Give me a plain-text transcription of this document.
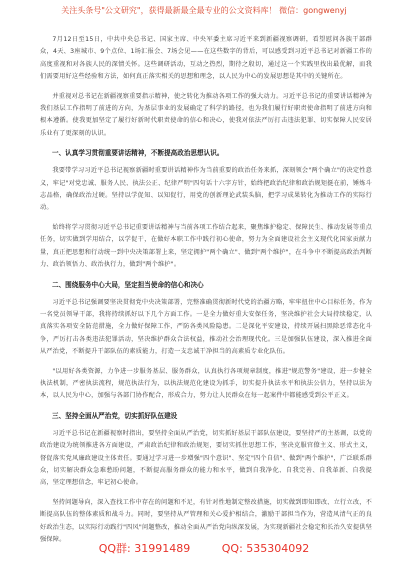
关注头条号"公文研究"，获得最新最全最专业的公文资料库！ 微信：gongwenyj

7月12日至15日，中共中央总书记、国家主席、中央军委主席习近平来到新疆视察调研，看望慰问各族干部群众，4天、3座城市、9个点位、1场汇报会、7场会见——在这些数字的背后，可以感受到习近平总书记对新疆工作的高度重视和对各族人民的深情关怀。这些调研活动，互动之热烈，期待之殷切，通过这一个实践里找出最优解，而我们需要用好这些经验和方法，如何真正落实相关的思想和理念，以人民为中心的发展思想是其中的关键所在。

并重视对总书记在新疆视察重要指示精神，使之转化为推动各项工作的强大动力。习近平总书记的重要讲话精神为我们基层工作指明了前进的方向，为基层事业的发展确定了科学的路径，也为我们履行好职责使命指明了前进方向和根本遵循。使我更加坚定了履行好新时代职责使命的信心和决心，使我对依法严厉打击违法犯罪、切实保障人民安居乐业有了更深刻的认识。

一、认真学习贯彻重要讲话精神，不断提高政治思想认识。

我要带学习习近平总书记视察新疆时重要讲话精神作为当前重要的政治任务来抓，深刻领会"两个确立"的决定性意义，牢记"对党忠诚、服务人民、执法公正、纪律严明"四句话十六字方针，始终把政治纪律和政治规矩挺在前，锤炼斗志品格，确保政治过硬。坚持以学促知、以知促行，用党的创新理论武装头脑，把学习成果转化为推动工作的实际行动。

始终将学习贯彻习近平总书记重要讲话精神与当前各项工作结合起来，聚焦维护稳定、保障民生、推动发展等重点任务，切实做到学用结合，以学促干，在做好本职工作中践行初心使命，努力为全面建设社会主义现代化国家贡献力量，真正把思想和行动统一到中央决策部署上来，坚定拥护"两个确立"、做到"两个维护"，在斗争中不断提高政治判断力、政治领悟力、政治执行力，做到"两个维护"。

二、围绕服务中心大局，坚定担当使命的信心和决心

习近平总书记强调要坚决贯彻党中央决策部署，完整准确贯彻新时代党的治疆方略，牢牢扭住中心目标任务，作为一名党员领导干部，我将持续抓好以下几个方面工作。一是全力做好重大安保任务，坚决维护社会大局持续稳定，认真落实各项安全防范措施，全力做好保障工作，严防各类风险隐患。二是深化平安建设，持续开展扫黑除恶常态化斗争，严厉打击各类违法犯罪活动，坚决维护群众合法权益，推动社会治理现代化。三是加强队伍建设，深入推进全面从严治党，不断提升干部队伍的素质能力，打造一支忠诚干净担当的高素质专业化队伍。

"以用好各类资源，力争进一步服务基层、服务群众，认真执行各项规章制度，推进"规范警务"建设，进一步健全执法机制，严密执法流程，规范执法行为，以执法规范化建设为抓手，切实提升执法水平和执法公信力，坚持以法为本，以人民为中心，加强与各部门协作配合，形成合力，努力让人民群众在每一起案件中都能感受到公平正义。

三、坚持全面从严治党，切实抓好队伍建设

习近平总书记在新疆视察时指出，要坚持全面从严治党，切实抓好基层干部队伍建设，要坚持严的主基调，以党的政治建设为统领推进各方面建设，严肃政治纪律和政治规矩，要切实抓住思想工作，坚决克服官僚主义、形式主义，督促落实党风廉政建设主体责任。要通过学习进一步增强"四个意识"、坚定"四个自信"、做到"两个维护"，广泛联系群众，切实解决群众急难愁盼问题，不断提高服务群众的能力和水平，做到自我净化、自我完善、自我革新、自我提高，坚定理想信念，牢记初心使命。

坚持问题导向，深入查找工作中存在的问题和不足，有针对性地制定整改措施，切实做到即知即改、立行立改，不断提高队伍的整体素质和战斗力。同时，要坚持从严管理和关心爱护相结合，激励干部担当作为，营造风清气正的良好政治生态，以实际行动践行"四风"问题整改，推动全面从严治党向纵深发展，为实现新疆社会稳定和长治久安提供坚强保障。

QQ群: 31991489	QQ: 535304092
